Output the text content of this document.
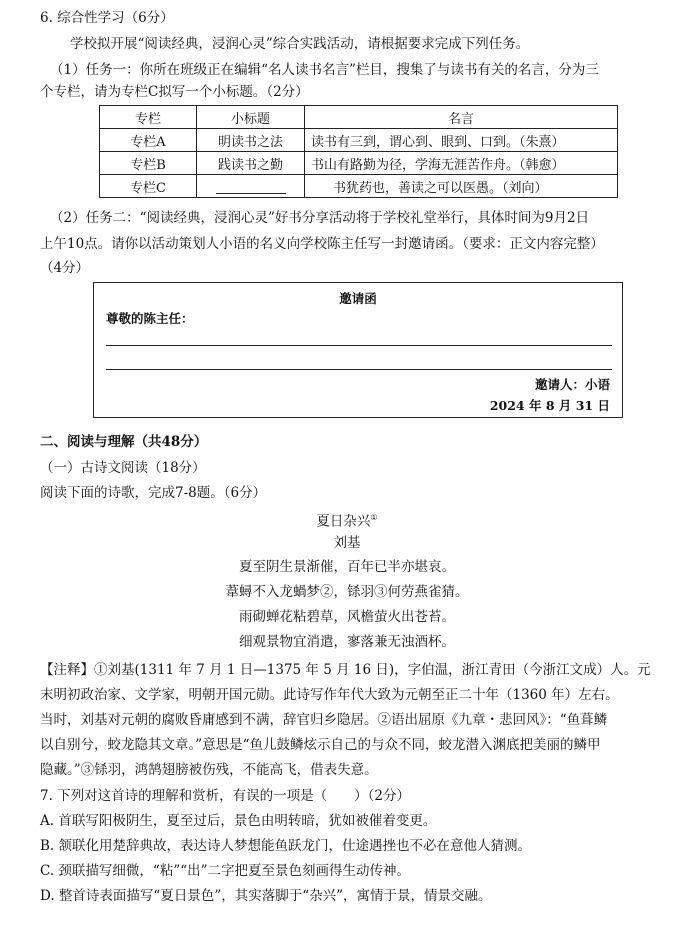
6. 综合性学习（6分）
学校拟开展“阅读经典，浸润心灵”综合实践活动，请根据要求完成下列任务。
（1）任务一：你所在班级正在编辑“名人读书名言”栏目，搜集了与读书有关的名言，分为三
个专栏，请为专栏C拟写一个小标题。（2分）
专栏	小标题	名言
专栏A	明读书之法	读书有三到，谓心到、眼到、口到。（朱熹）
专栏B	践读书之勤	书山有路勤为径，学海无涯苦作舟。（韩愈）
专栏C		书犹药也，善读之可以医愚。（刘向）
（2）任务二：“阅读经典，浸润心灵”好书分享活动将于学校礼堂举行，具体时间为9月2日
上午10点。请你以活动策划人小语的名义向学校陈主任写一封邀请函。（要求：正文内容完整）
（4分）
邀请函
尊敬的陈主任：
邀请人：小语
2024 年 8 月 31 日
二、阅读与理解（共48分）
（一）古诗文阅读（18分）
阅读下面的诗歌，完成7-8题。（6分）
夏日杂兴①
刘基
夏至阴生景渐催，百年已半亦堪哀。
葦蟳不入龙蝸梦②，铩羽③何劳燕雀猜。
雨砌蝉花粘碧草，风檐萤火出苍苔。
细观景物宜消遣，寥落兼无浊酒杯。
【注释】①刘基(1311 年 7 月 1 日—1375 年 5 月 16 日)，字伯温，浙江青田（今浙江文成）人。元
末明初政治家、文学家，明朝开国元勋。此诗写作年代大致为元朝至正二十年（1360 年）左右。
当时，刘基对元朝的腐败昏庸感到不满，辞官归乡隐居。②语出屈原《九章・悲回风》：“鱼葺鳞
以自别兮，蛟龙隐其文章。”意思是“鱼儿鼓鳞炫示自己的与众不同，蛟龙潜入渊底把美丽的鳞甲
隐藏。”③铩羽，鸿鹄翅膀被伤残，不能高飞，借表失意。
7. 下列对这首诗的理解和赏析，有误的一项是（　　）（2分）
A. 首联写阳极阴生，夏至过后，景色由明转暗，犹如被催着变更。
B. 颔联化用楚辞典故，表达诗人梦想能鱼跃龙门，仕途遇挫也不必在意他人猜测。
C. 颈联描写细微，“粘”“出”二字把夏至景色刻画得生动传神。
D. 整首诗表面描写“夏日景色”，其实落脚于“杂兴”，寓情于景，情景交融。
